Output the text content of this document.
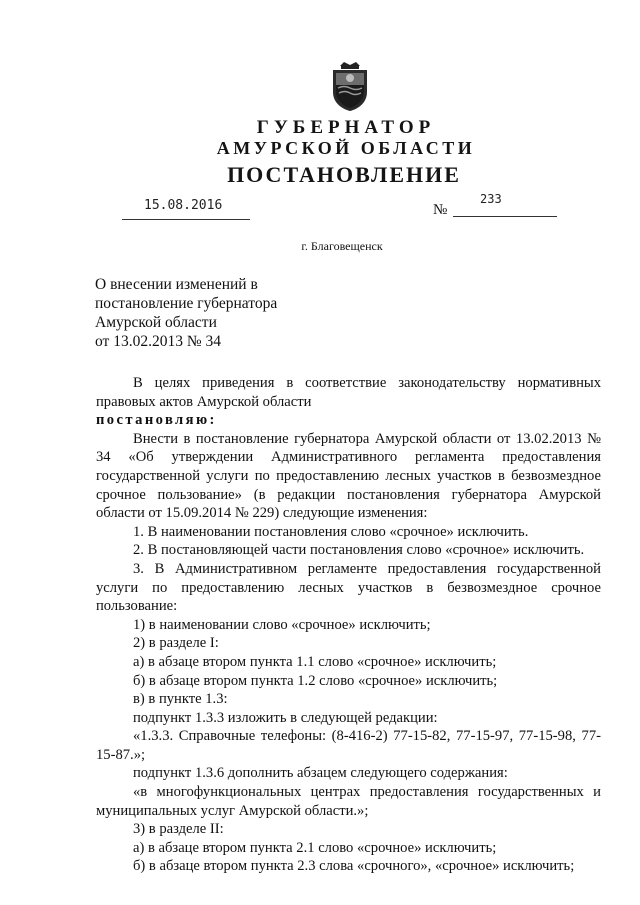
ГУБЕРНАТОР
АМУРСКОЙ ОБЛАСТИ
ПОСТАНОВЛЕНИЕ
15.08.2016	№
233
г. Благовещенск
О внесении изменений в
постановление губернатора
Амурской области
от 13.02.2013 № 34
В целях приведения в соответствие законодательству нормативных правовых актов Амурской области
постановляю:
Внести в постановление губернатора Амурской области от 13.02.2013 № 34 «Об утверждении Административного регламента предоставления государственной услуги по предоставлению лесных участков в безвозмездное срочное пользование» (в редакции постановления губернатора Амурской области от 15.09.2014 № 229) следующие изменения:
1. В наименовании постановления слово «срочное» исключить.
2. В постановляющей части постановления слово «срочное» исключить.
3. В Административном регламенте предоставления государственной услуги по предоставлению лесных участков в безвозмездное срочное пользование:
1) в наименовании слово «срочное» исключить;
2) в разделе I:
а) в абзаце втором пункта 1.1 слово «срочное» исключить;
б) в абзаце втором пункта 1.2 слово «срочное» исключить;
в) в пункте 1.3:
подпункт 1.3.3 изложить в следующей редакции:
«1.3.3. Справочные телефоны: (8-416-2) 77-15-82, 77-15-97, 77-15-98, 77-15-87.»;
подпункт 1.3.6 дополнить абзацем следующего содержания:
«в многофункциональных центрах предоставления государственных и муниципальных услуг Амурской области.»;
3) в разделе II:
а) в абзаце втором пункта 2.1 слово «срочное» исключить;
б) в абзаце втором пункта 2.3 слова «срочного», «срочное» исключить;
